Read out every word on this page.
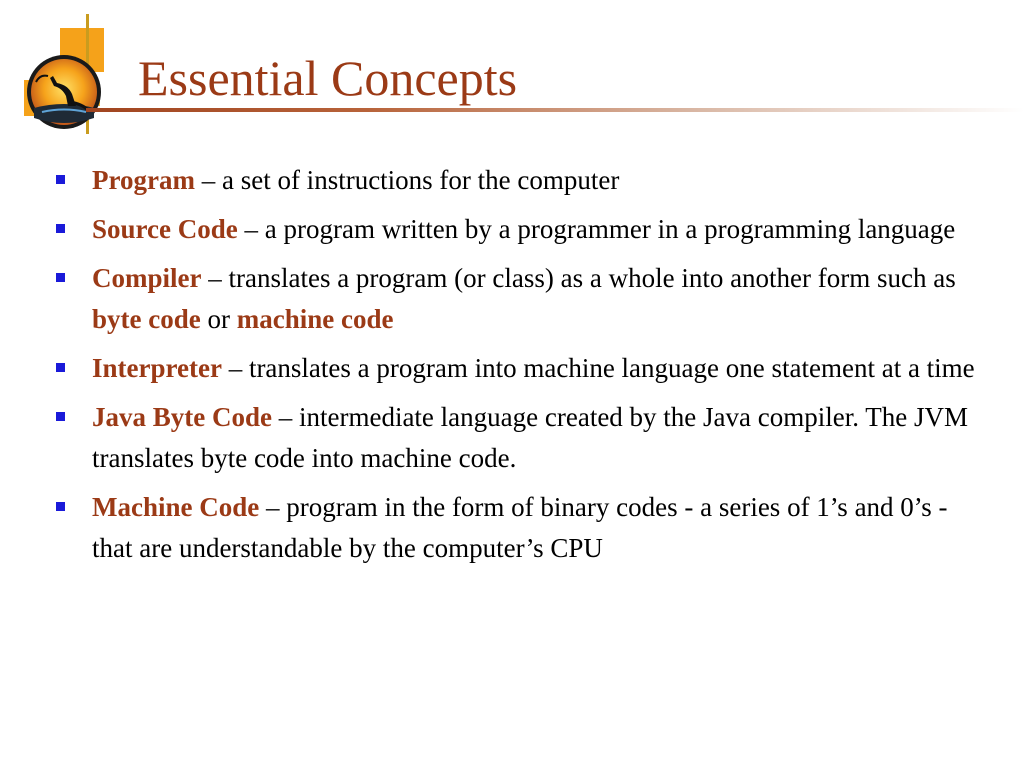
Essential Concepts
Program – a set of instructions for the computer
Source Code – a program written by a programmer in a programming language
Compiler – translates a program (or class) as a whole into another form such as byte code or machine code
Interpreter – translates a program into machine language one statement at a time
Java Byte Code – intermediate language created by the Java compiler. The JVM translates byte code into machine code.
Machine Code – program in the form of binary codes - a series of 1’s and 0’s - that are understandable by the computer’s CPU
